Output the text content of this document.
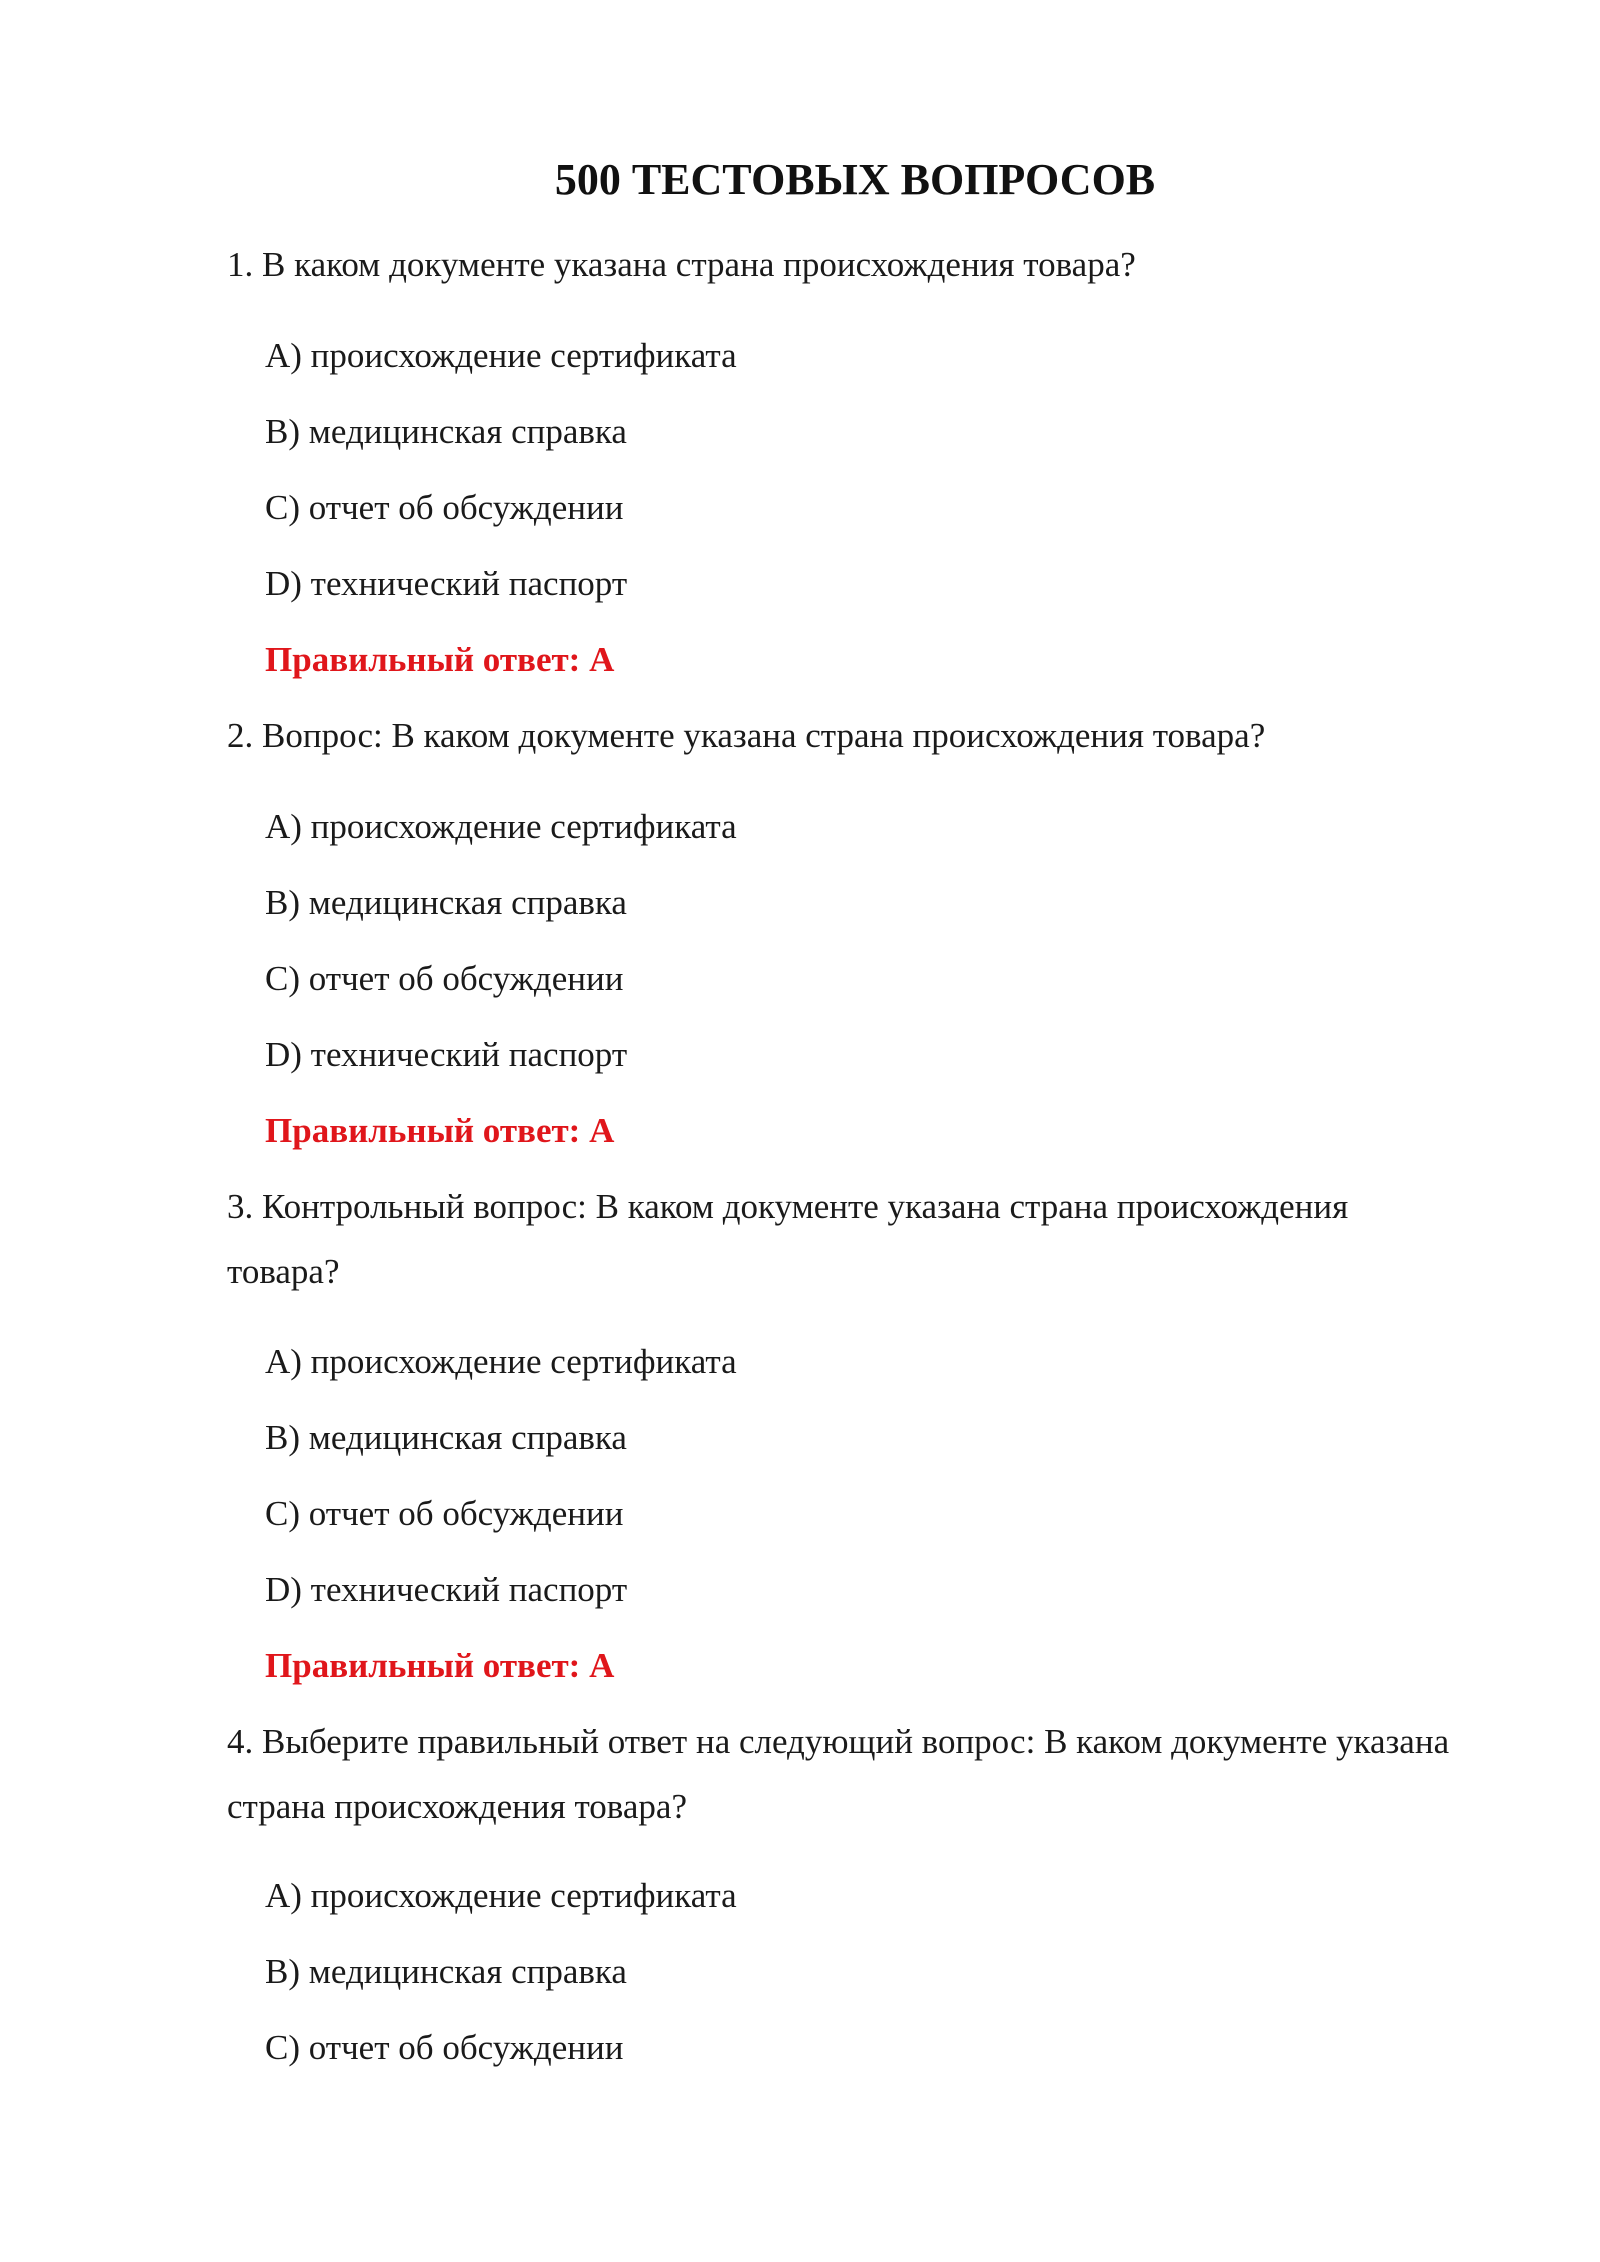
500 ТЕСТОВЫХ ВОПРОСОВ

1. В каком документе указана страна происхождения товара?

A) происхождение сертификата

B) медицинская справка

C) отчет об обсуждении

D) технический паспорт

Правильный ответ: A

2. Вопрос: В каком документе указана страна происхождения товара?

A) происхождение сертификата

B) медицинская справка

C) отчет об обсуждении

D) технический паспорт

Правильный ответ: A

3. Контрольный вопрос: В каком документе указана страна происхождения товара?

A) происхождение сертификата

B) медицинская справка

C) отчет об обсуждении

D) технический паспорт

Правильный ответ: A

4. Выберите правильный ответ на следующий вопрос: В каком документе указана страна происхождения товара?

A) происхождение сертификата

B) медицинская справка

C) отчет об обсуждении
